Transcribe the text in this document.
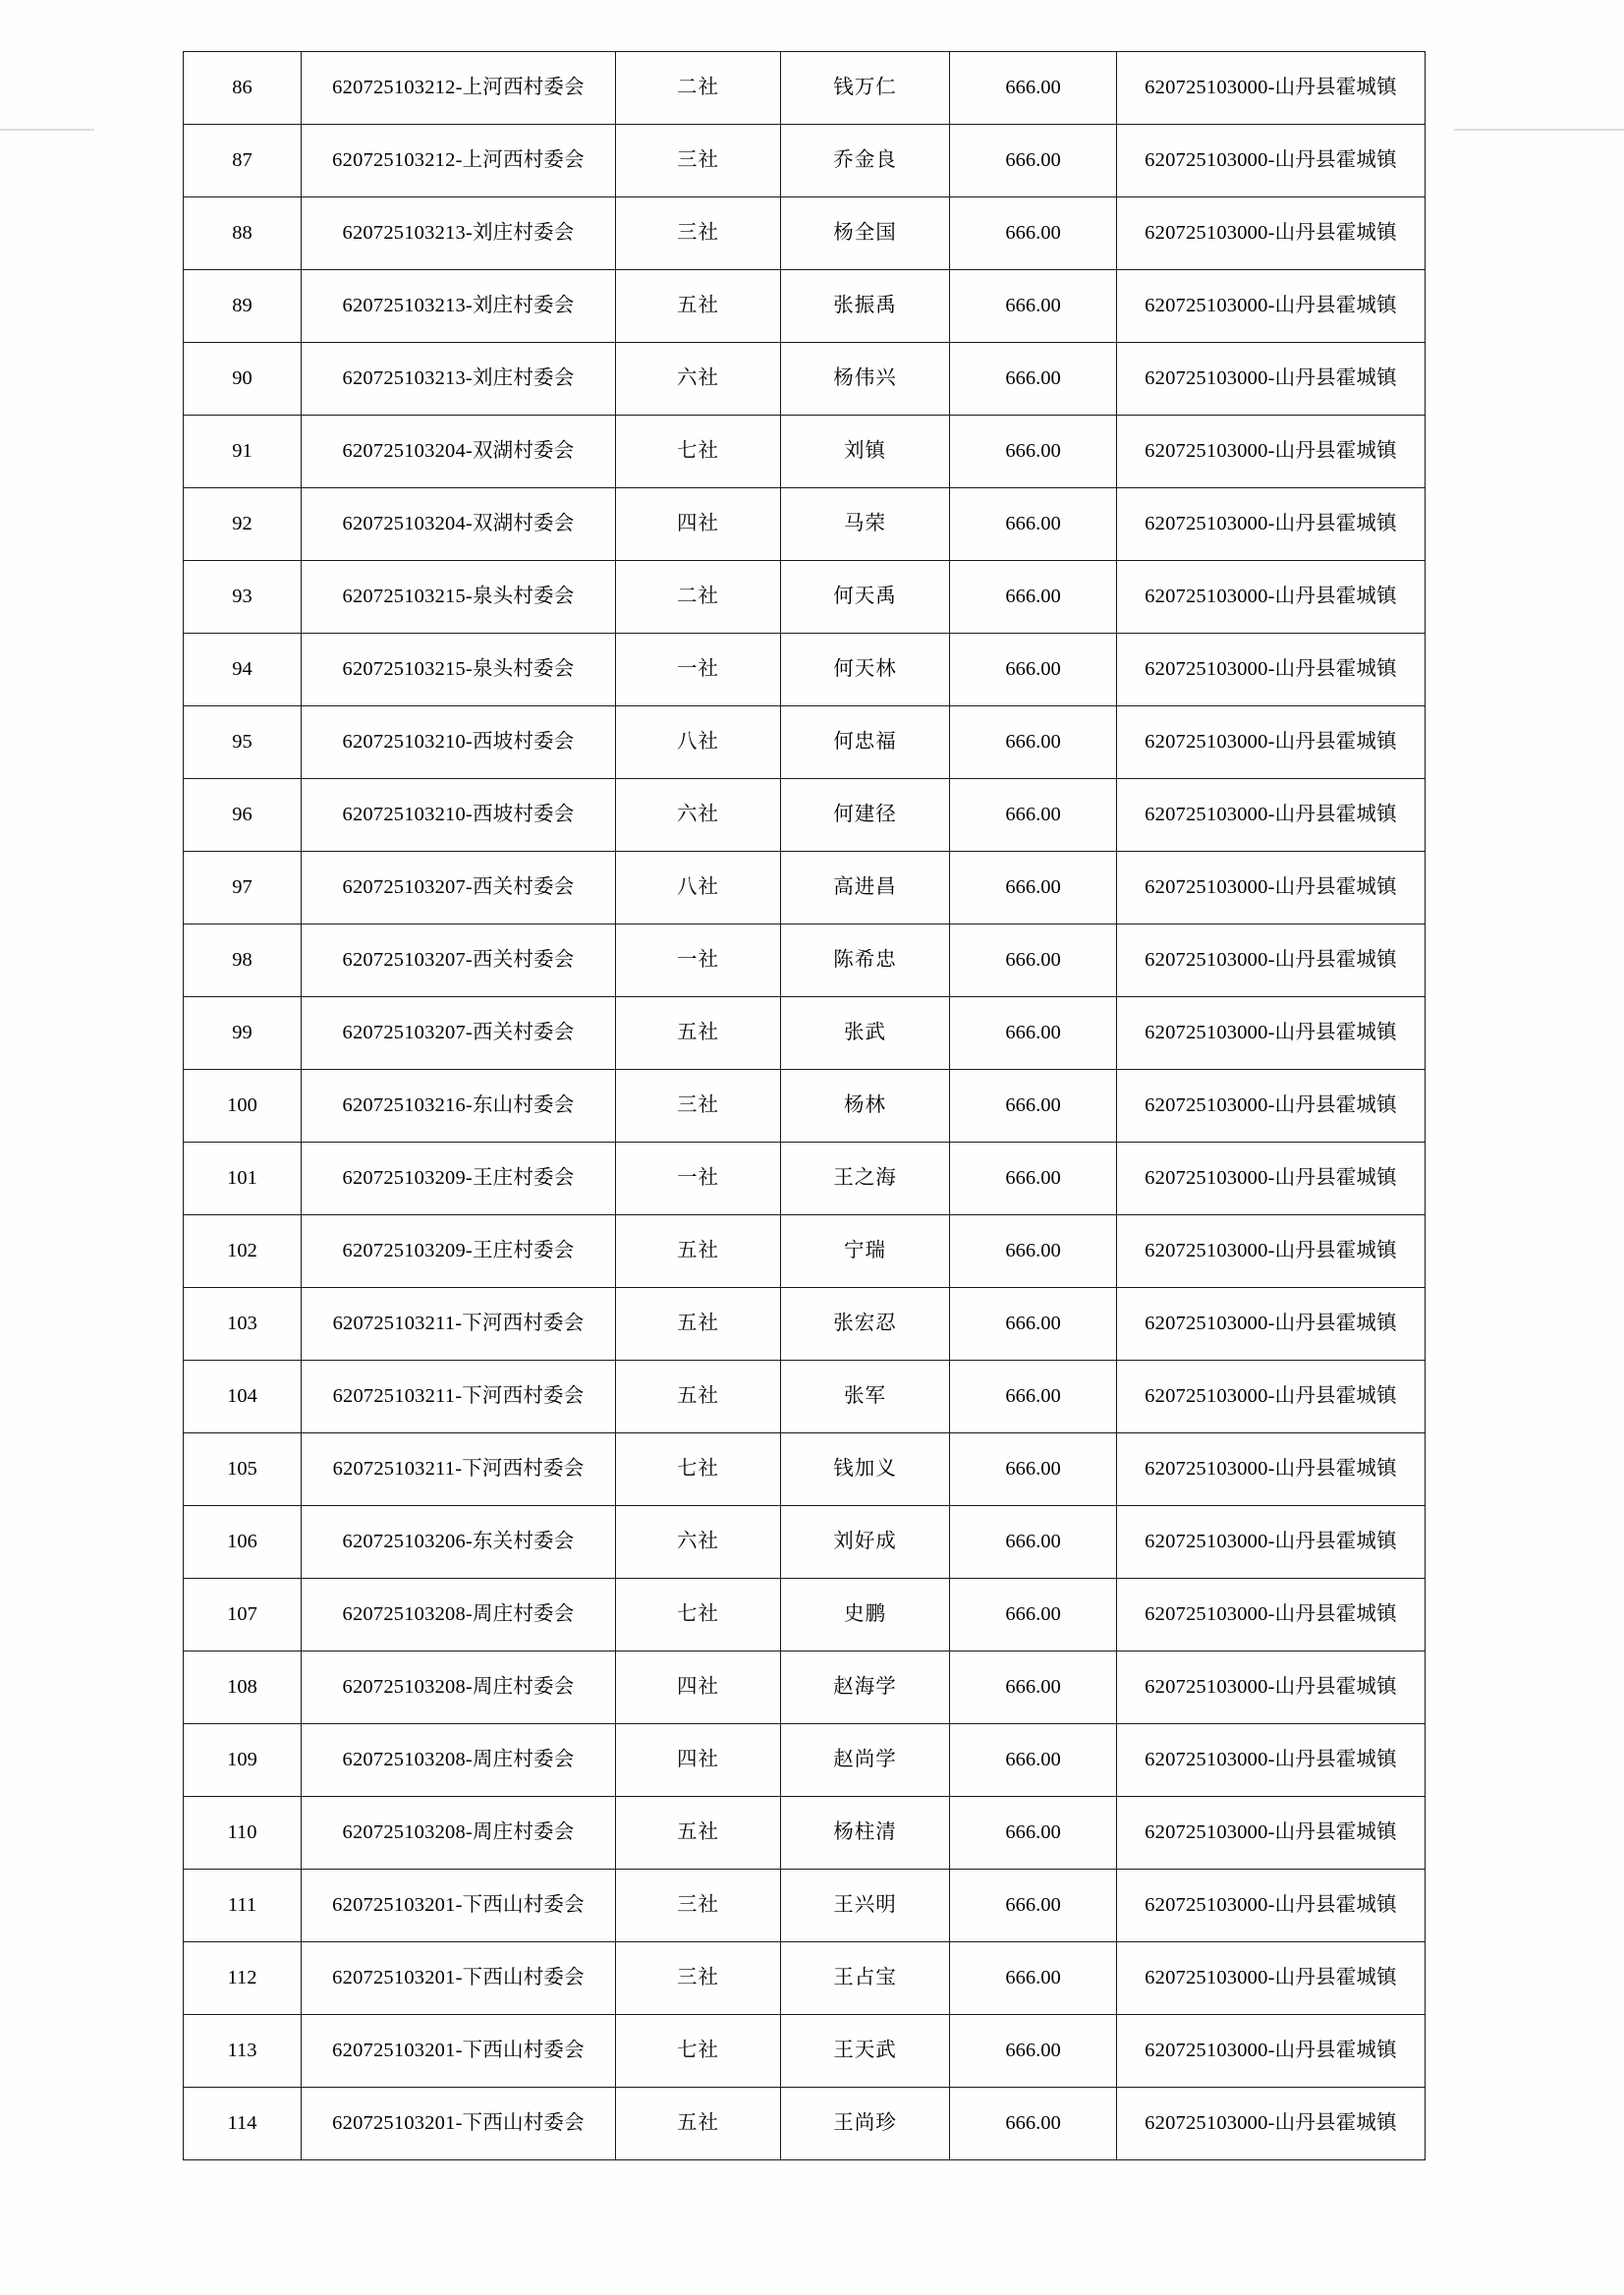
86	620725103212-上河西村委会	二社	钱万仁	666.00	620725103000-山丹县霍城镇
87	620725103212-上河西村委会	三社	乔金良	666.00	620725103000-山丹县霍城镇
88	620725103213-刘庄村委会	三社	杨全国	666.00	620725103000-山丹县霍城镇
89	620725103213-刘庄村委会	五社	张振禹	666.00	620725103000-山丹县霍城镇
90	620725103213-刘庄村委会	六社	杨伟兴	666.00	620725103000-山丹县霍城镇
91	620725103204-双湖村委会	七社	刘镇	666.00	620725103000-山丹县霍城镇
92	620725103204-双湖村委会	四社	马荣	666.00	620725103000-山丹县霍城镇
93	620725103215-泉头村委会	二社	何天禹	666.00	620725103000-山丹县霍城镇
94	620725103215-泉头村委会	一社	何天林	666.00	620725103000-山丹县霍城镇
95	620725103210-西坡村委会	八社	何忠福	666.00	620725103000-山丹县霍城镇
96	620725103210-西坡村委会	六社	何建径	666.00	620725103000-山丹县霍城镇
97	620725103207-西关村委会	八社	高进昌	666.00	620725103000-山丹县霍城镇
98	620725103207-西关村委会	一社	陈希忠	666.00	620725103000-山丹县霍城镇
99	620725103207-西关村委会	五社	张武	666.00	620725103000-山丹县霍城镇
100	620725103216-东山村委会	三社	杨林	666.00	620725103000-山丹县霍城镇
101	620725103209-王庄村委会	一社	王之海	666.00	620725103000-山丹县霍城镇
102	620725103209-王庄村委会	五社	宁瑞	666.00	620725103000-山丹县霍城镇
103	620725103211-下河西村委会	五社	张宏忍	666.00	620725103000-山丹县霍城镇
104	620725103211-下河西村委会	五社	张军	666.00	620725103000-山丹县霍城镇
105	620725103211-下河西村委会	七社	钱加义	666.00	620725103000-山丹县霍城镇
106	620725103206-东关村委会	六社	刘好成	666.00	620725103000-山丹县霍城镇
107	620725103208-周庄村委会	七社	史鹏	666.00	620725103000-山丹县霍城镇
108	620725103208-周庄村委会	四社	赵海学	666.00	620725103000-山丹县霍城镇
109	620725103208-周庄村委会	四社	赵尚学	666.00	620725103000-山丹县霍城镇
110	620725103208-周庄村委会	五社	杨柱清	666.00	620725103000-山丹县霍城镇
111	620725103201-下西山村委会	三社	王兴明	666.00	620725103000-山丹县霍城镇
112	620725103201-下西山村委会	三社	王占宝	666.00	620725103000-山丹县霍城镇
113	620725103201-下西山村委会	七社	王天武	666.00	620725103000-山丹县霍城镇
114	620725103201-下西山村委会	五社	王尚珍	666.00	620725103000-山丹县霍城镇
